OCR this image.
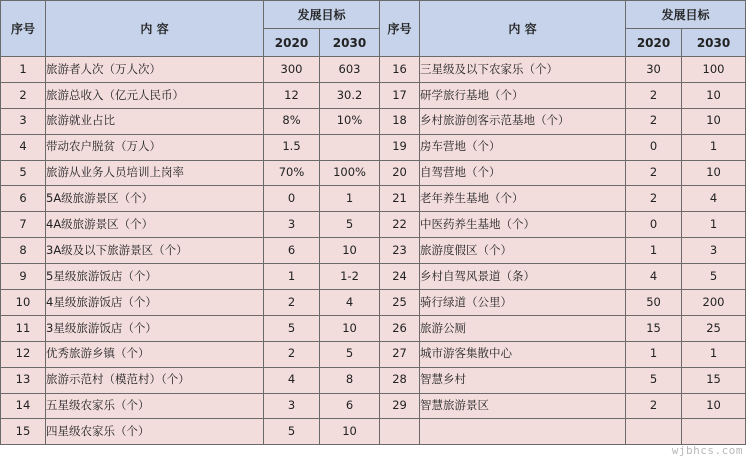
序号	内 容	发展目标		序号	内 容	发展目标	
		2020	2030			2020	2030
1	旅游者人次（万人次）	300	603	16	三星级及以下农家乐（个）	30	100
2	旅游总收入（亿元人民币）	12	30.2	17	研学旅行基地（个）	2	10
3	旅游就业占比	8%	10%	18	乡村旅游创客示范基地（个）	2	10
4	带动农户脱贫（万人）	1.5		19	房车营地（个）	0	1
5	旅游从业务人员培训上岗率	70%	100%	20	自驾营地（个）	2	10
6	5A级旅游景区（个）	0	1	21	老年养生基地（个）	2	4
7	4A级旅游景区（个）	3	5	22	中医药养生基地（个）	0	1
8	3A级及以下旅游景区（个）	6	10	23	旅游度假区（个）	1	3
9	5星级旅游饭店（个）	1	1-2	24	乡村自驾风景道（条）	4	5
10	4星级旅游饭店（个）	2	4	25	骑行绿道（公里）	50	200
11	3星级旅游饭店（个）	5	10	26	旅游公厕	15	25
12	优秀旅游乡镇（个）	2	5	27	城市游客集散中心	1	1
13	旅游示范村（模范村）（个）	4	8	28	智慧乡村	5	15
14	五星级农家乐（个）	3	6	29	智慧旅游景区	2	10
15	四星级农家乐（个）	5	10				
wjbhcs.com
